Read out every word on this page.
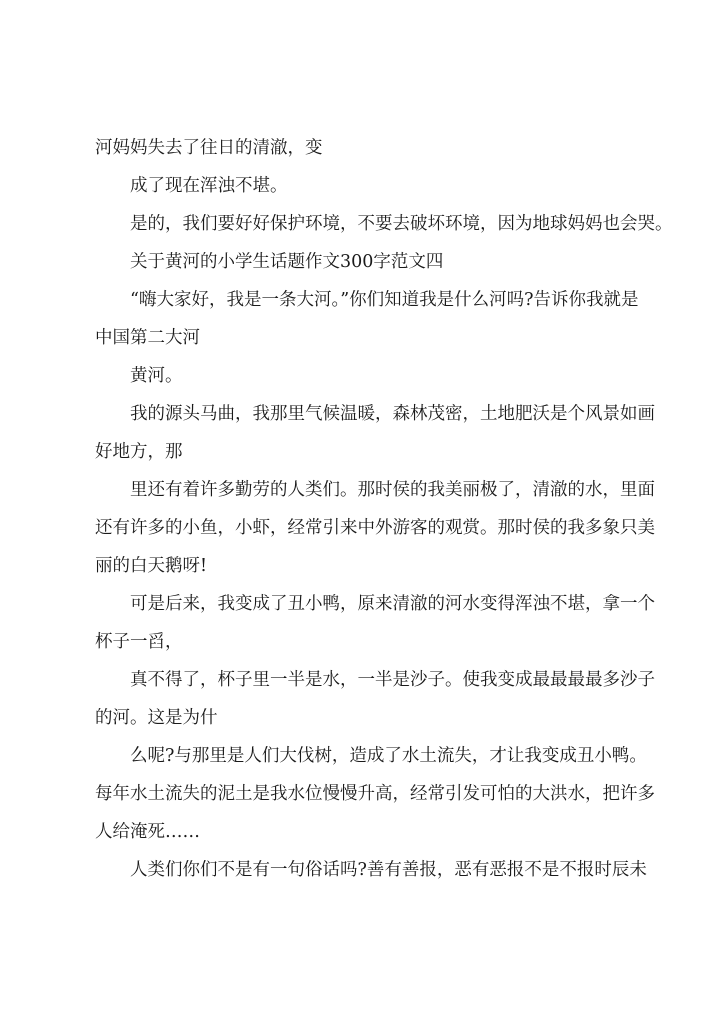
河妈妈失去了往日的清澈，变
成了现在浑浊不堪。
是的，我们要好好保护环境，不要去破坏环境，因为地球妈妈也会哭。
关于黄河的小学生话题作文300字范文四
“嗨大家好，我是一条大河。”你们知道我是什么河吗?告诉你我就是
中国第二大河
黄河。
我的源头马曲，我那里气候温暖，森林茂密，土地肥沃是个风景如画
好地方，那
里还有着许多勤劳的人类们。那时侯的我美丽极了，清澈的水，里面
还有许多的小鱼，小虾，经常引来中外游客的观赏。那时侯的我多象只美
丽的白天鹅呀!
可是后来，我变成了丑小鸭，原来清澈的河水变得浑浊不堪，拿一个
杯子一舀，
真不得了，杯子里一半是水，一半是沙子。使我变成最最最最多沙子
的河。这是为什
么呢?与那里是人们大伐树，造成了水土流失，才让我变成丑小鸭。
每年水土流失的泥土是我水位慢慢升高，经常引发可怕的大洪水，把许多
人给淹死……
人类们你们不是有一句俗话吗?善有善报，恶有恶报不是不报时辰未
